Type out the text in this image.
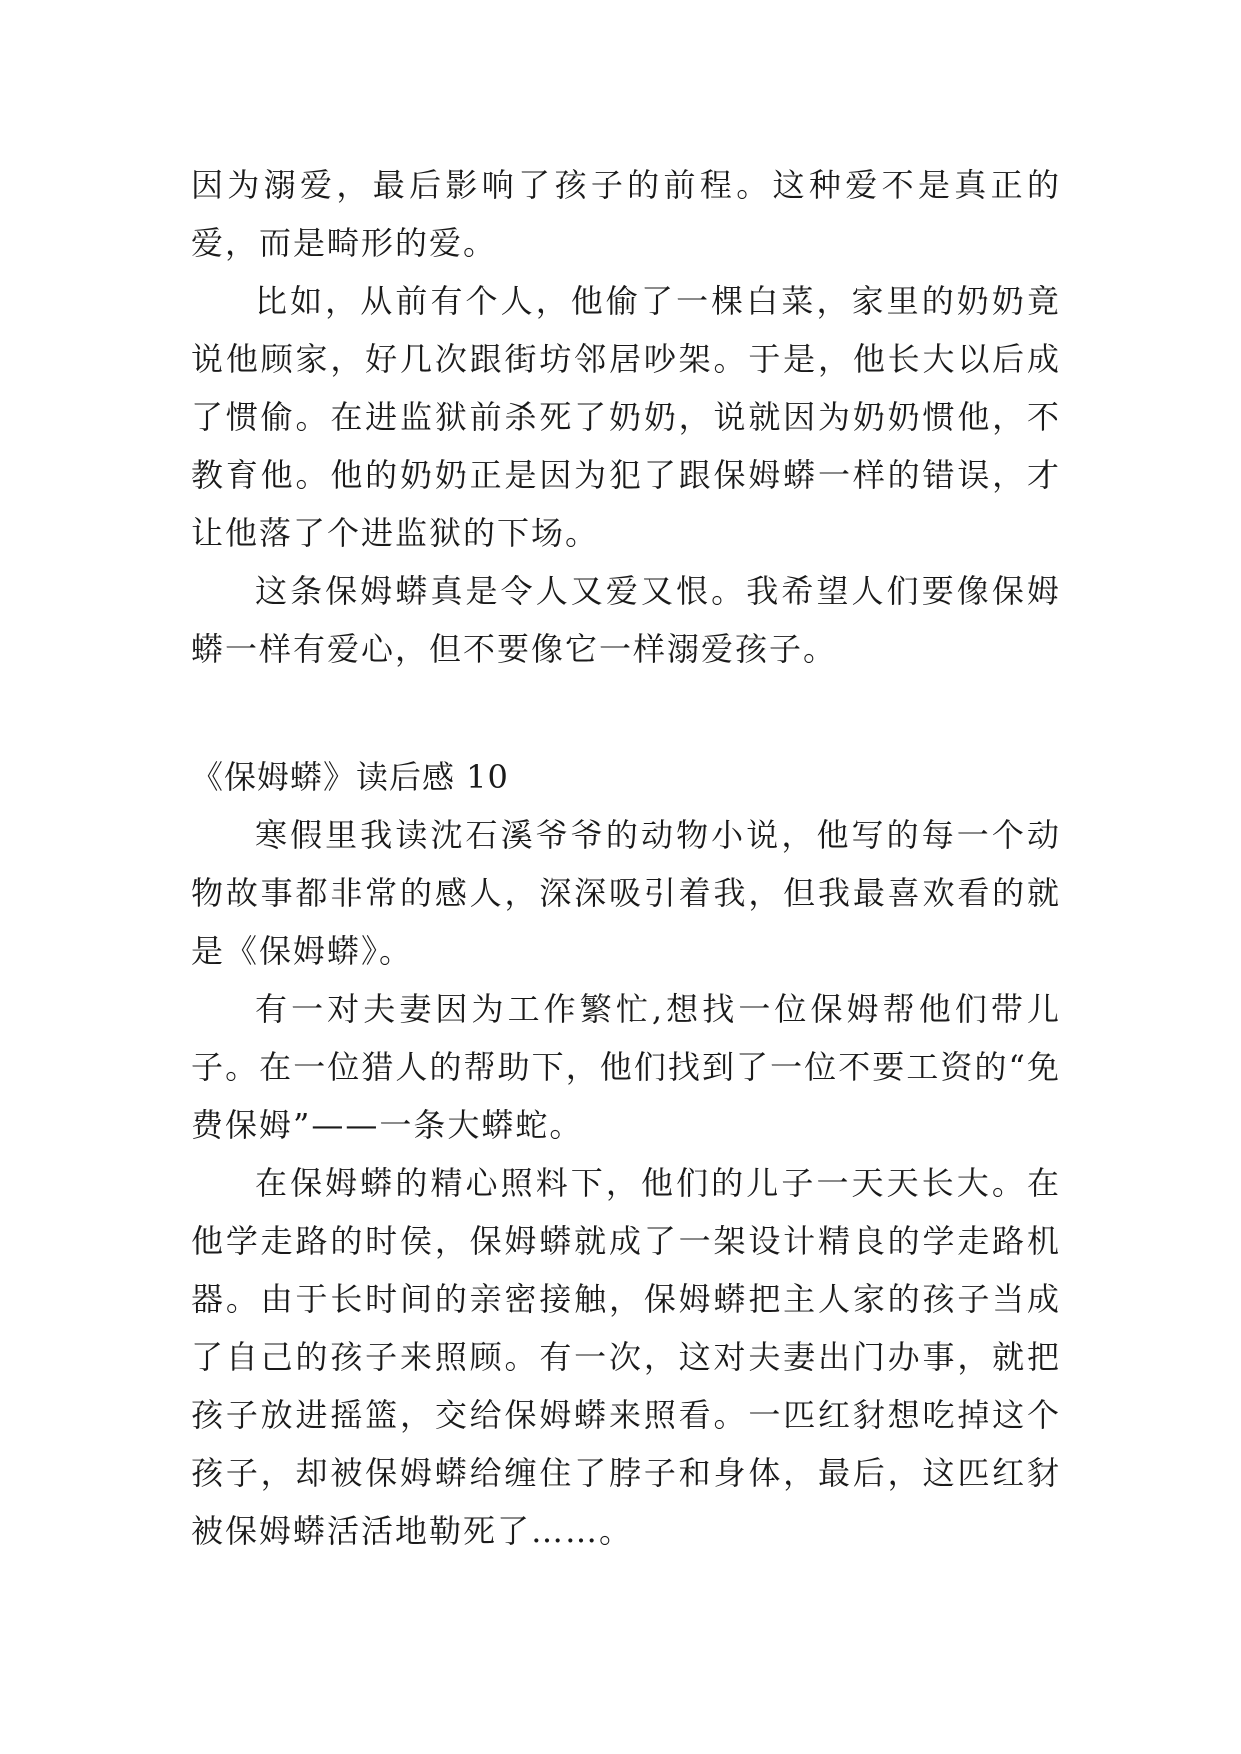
因为溺爱，最后影响了孩子的前程。这种爱不是真正的爱，而是畸形的爱。

比如，从前有个人，他偷了一棵白菜，家里的奶奶竟说他顾家，好几次跟街坊邻居吵架。于是，他长大以后成了惯偷。在进监狱前杀死了奶奶，说就因为奶奶惯他，不教育他。他的奶奶正是因为犯了跟保姆蟒一样的错误，才让他落了个进监狱的下场。

这条保姆蟒真是令人又爱又恨。我希望人们要像保姆蟒一样有爱心，但不要像它一样溺爱孩子。

《保姆蟒》读后感 10

寒假里我读沈石溪爷爷的动物小说，他写的每一个动物故事都非常的感人，深深吸引着我，但我最喜欢看的就是《保姆蟒》。

有一对夫妻因为工作繁忙,想找一位保姆帮他们带儿子。在一位猎人的帮助下，他们找到了一位不要工资的“免费保姆”——一条大蟒蛇。

在保姆蟒的精心照料下，他们的儿子一天天长大。在他学走路的时侯，保姆蟒就成了一架设计精良的学走路机器。由于长时间的亲密接触，保姆蟒把主人家的孩子当成了自己的孩子来照顾。有一次，这对夫妻出门办事，就把孩子放进摇篮，交给保姆蟒来照看。一匹红豺想吃掉这个孩子，却被保姆蟒给缠住了脖子和身体，最后，这匹红豺被保姆蟒活活地勒死了……。
